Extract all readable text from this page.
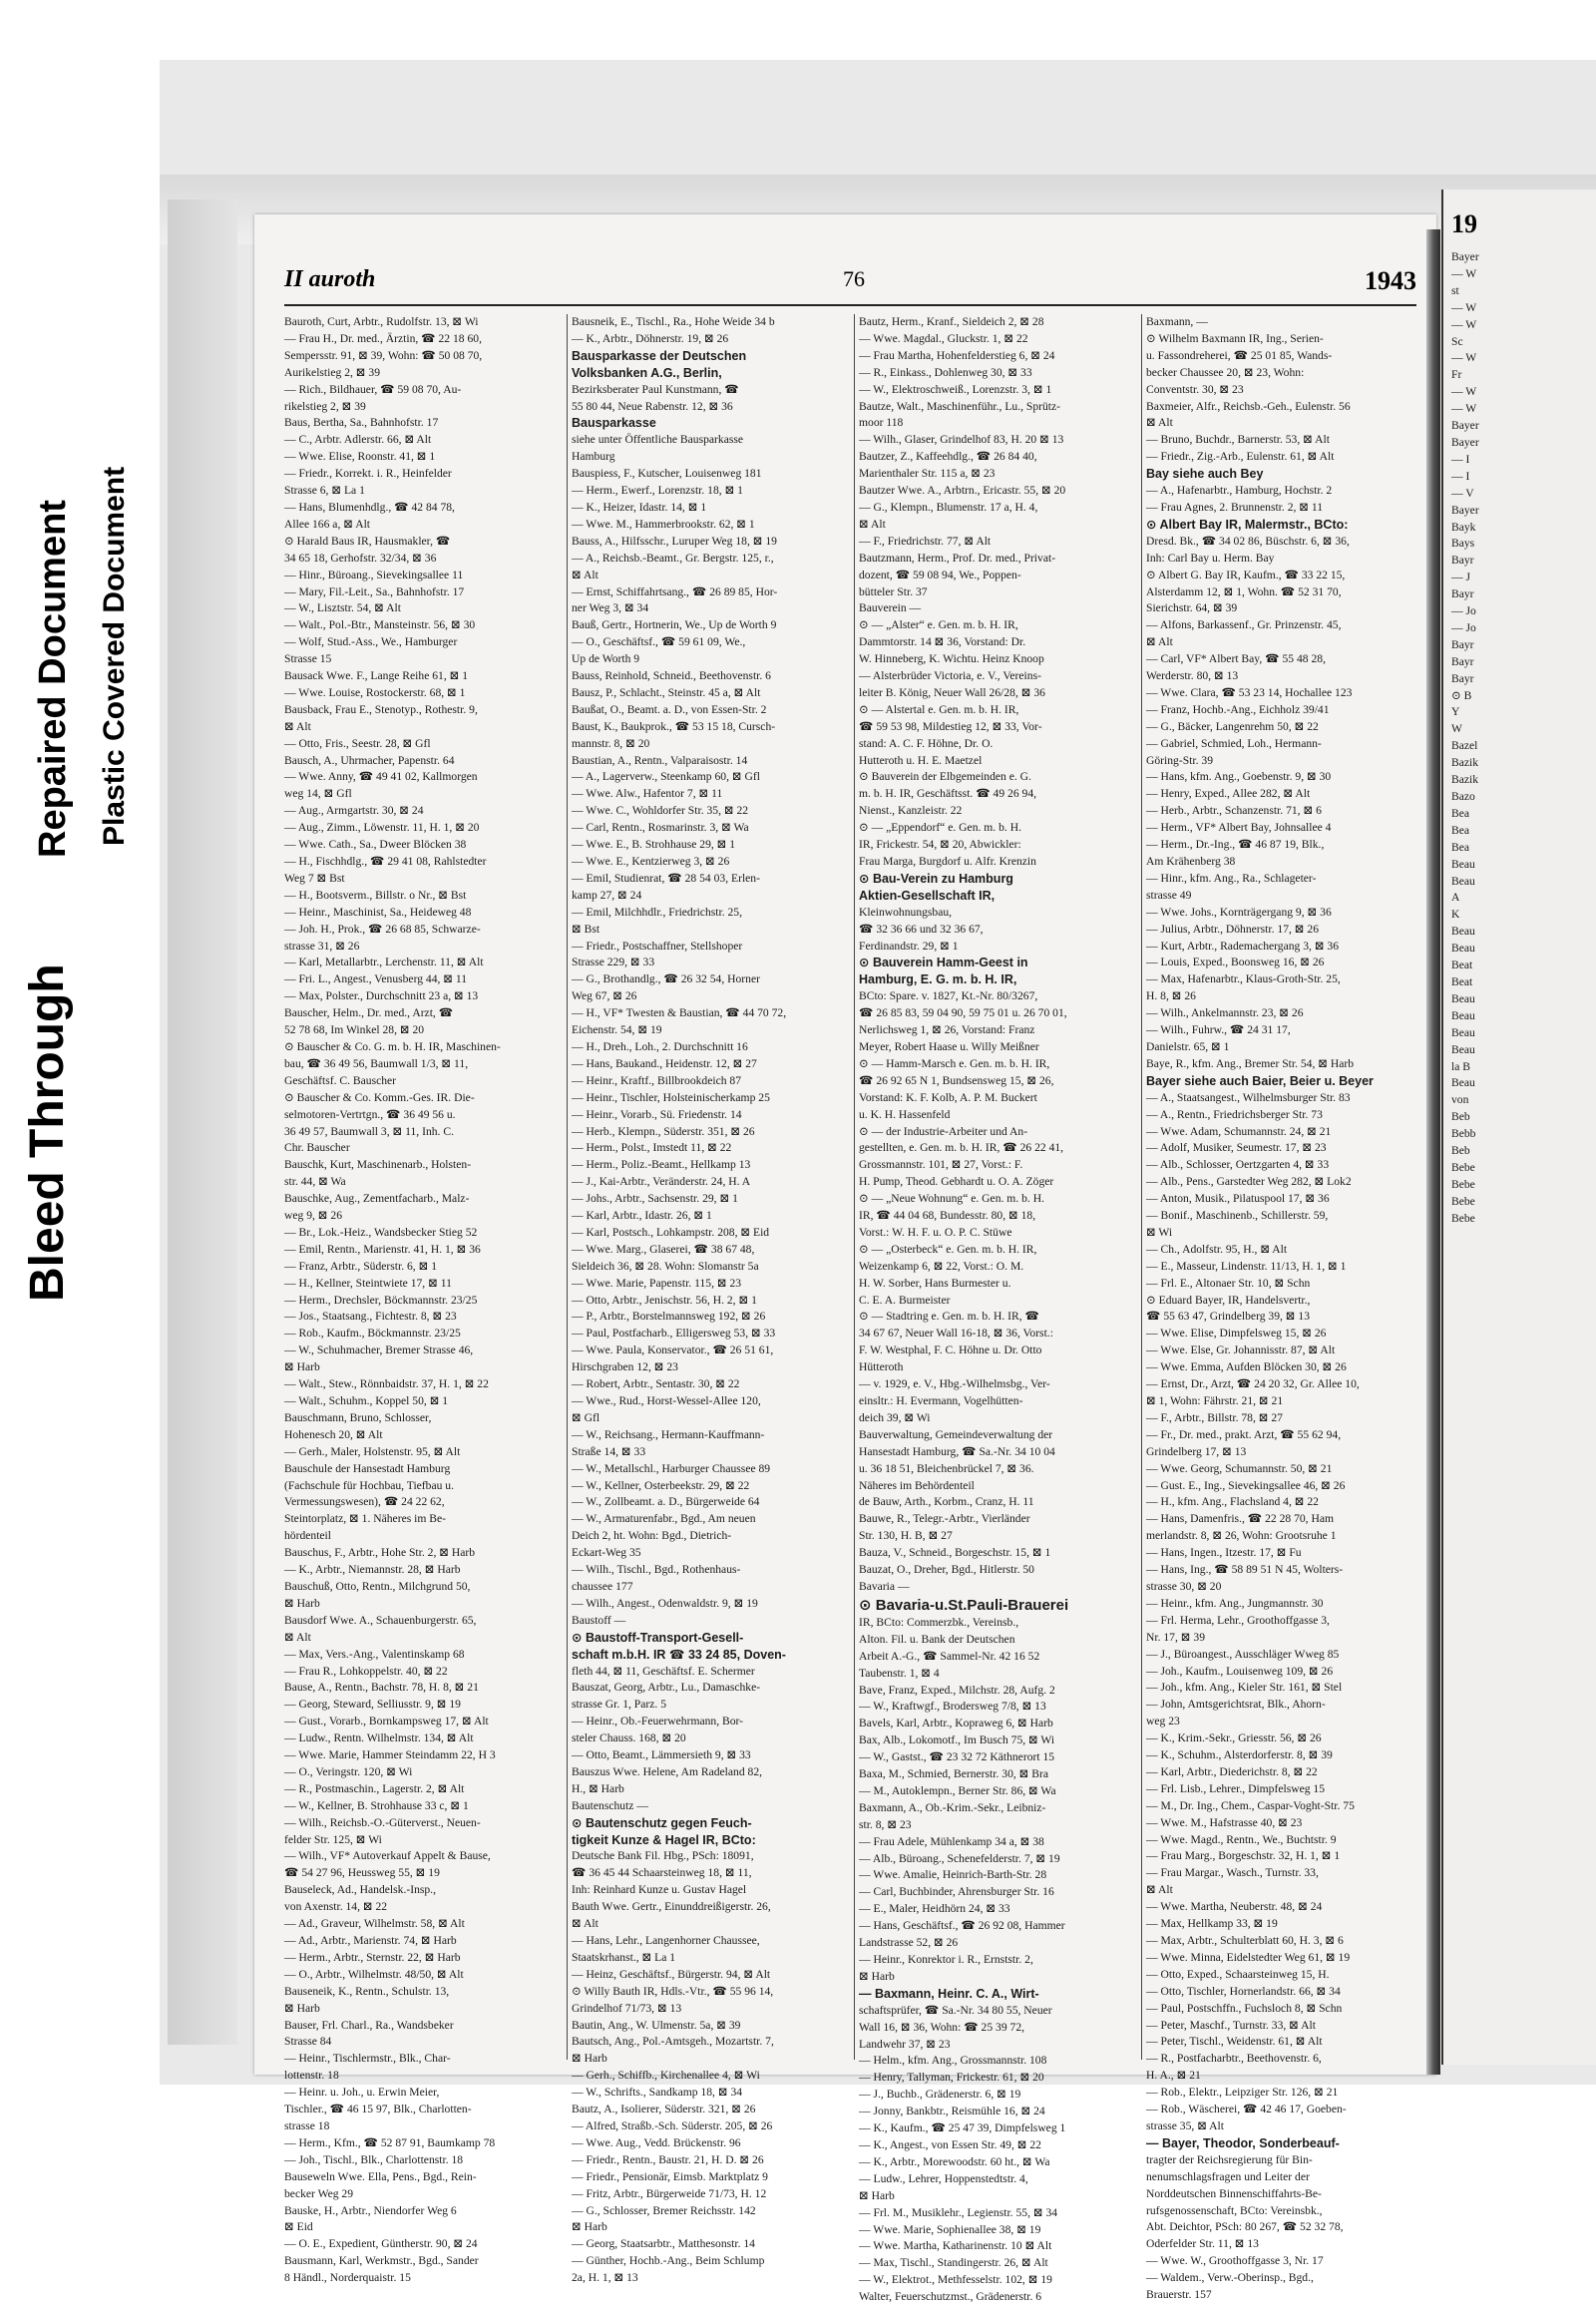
Bleed Through
Repaired Document Plastic Covered Document
II auroth	76	1943

Bauroth, Curt, Arbtr., Rudolfstr. 13, ⊠ Wi

— Frau H., Dr. med., Ärztin, ☎ 22 18 60,

Sempersstr. 91, ⊠ 39, Wohn: ☎ 50 08 70,

Aurikelstieg 2, ⊠ 39

— Rich., Bildhauer, ☎ 59 08 70, Au-

rikelstieg 2, ⊠ 39

Baus, Bertha, Sa., Bahnhofstr. 17

— C., Arbtr. Adlerstr. 66, ⊠ Alt

— Wwe. Elise, Roonstr. 41, ⊠ 1

— Friedr., Korrekt. i. R., Heinfelder

Strasse 6, ⊠ La 1

— Hans, Blumenhdlg., ☎ 42 84 78,

Allee 166 a, ⊠ Alt

⊙ Harald Baus IR, Hausmakler, ☎

34 65 18, Gerhofstr. 32/34, ⊠ 36

— Hinr., Büroang., Sievekingsallee 11

— Mary, Fil.-Leit., Sa., Bahnhofstr. 17

— W., Lisztstr. 54, ⊠ Alt

— Walt., Pol.-Btr., Mansteinstr. 56, ⊠ 30

— Wolf, Stud.-Ass., We., Hamburger

Strasse 15

Bausack Wwe. F., Lange Reihe 61, ⊠ 1

— Wwe. Louise, Rostockerstr. 68, ⊠ 1

Bausback, Frau E., Stenotyp., Rothestr. 9,

⊠ Alt

— Otto, Fris., Seestr. 28, ⊠ Gfl

Bausch, A., Uhrmacher, Papenstr. 64

— Wwe. Anny, ☎ 49 41 02, Kallmorgen

weg 14, ⊠ Gfl

— Aug., Armgartstr. 30, ⊠ 24

— Aug., Zimm., Löwenstr. 11, H. 1, ⊠ 20

— Wwe. Cath., Sa., Dweer Blöcken 38

— H., Fischhdlg., ☎ 29 41 08, Rahlstedter

Weg 7 ⊠ Bst

— H., Bootsverm., Billstr. o Nr., ⊠ Bst

— Heinr., Maschinist, Sa., Heideweg 48

— Joh. H., Prok., ☎ 26 68 85, Schwarze-

strasse 31, ⊠ 26

— Karl, Metallarbtr., Lerchenstr. 11, ⊠ Alt

— Fri. L., Angest., Venusberg 44, ⊠ 11

— Max, Polster., Durchschnitt 23 a, ⊠ 13

Bauscher, Helm., Dr. med., Arzt, ☎

52 78 68, Im Winkel 28, ⊠ 20

⊙ Bauscher & Co. G. m. b. H. IR, Maschinen-

bau, ☎ 36 49 56, Baumwall 1/3, ⊠ 11,

Geschäftsf. C. Bauscher

⊙ Bauscher & Co. Komm.-Ges. IR. Die-

selmotoren-Vertrtgn., ☎ 36 49 56 u.

36 49 57, Baumwall 3, ⊠ 11, Inh. C.

Chr. Bauscher

Bauschk, Kurt, Maschinenarb., Holsten-

str. 44, ⊠ Wa

Bauschke, Aug., Zementfacharb., Malz-

weg 9, ⊠ 26

— Br., Lok.-Heiz., Wandsbecker Stieg 52

— Emil, Rentn., Marienstr. 41, H. 1, ⊠ 36

— Franz, Arbtr., Süderstr. 6, ⊠ 1

— H., Kellner, Steintwiete 17, ⊠ 11

— Herm., Drechsler, Böckmannstr. 23/25

— Jos., Staatsang., Fichtestr. 8, ⊠ 23

— Rob., Kaufm., Böckmannstr. 23/25

— W., Schuhmacher, Bremer Strasse 46,

⊠ Harb

— Walt., Stew., Rönnbaidstr. 37, H. 1, ⊠ 22

— Walt., Schuhm., Koppel 50, ⊠ 1

Bauschmann, Bruno, Schlosser,

Hohenesch 20, ⊠ Alt

— Gerh., Maler, Holstenstr. 95, ⊠ Alt

Bauschule der Hansestadt Hamburg

(Fachschule für Hochbau, Tiefbau u.

Vermessungswesen), ☎ 24 22 62,

Steintorplatz, ⊠ 1. Näheres im Be-

hördenteil

Bauschus, F., Arbtr., Hohe Str. 2, ⊠ Harb

— K., Arbtr., Niemannstr. 28, ⊠ Harb

Bauschuß, Otto, Rentn., Milchgrund 50,

⊠ Harb

Bausdorf Wwe. A., Schauenburgerstr. 65,

⊠ Alt

— Max, Vers.-Ang., Valentinskamp 68

— Frau R., Lohkoppelstr. 40, ⊠ 22

Bause, A., Rentn., Bachstr. 78, H. 8, ⊠ 21

— Georg, Steward, Selliusstr. 9, ⊠ 19

— Gust., Vorarb., Bornkampsweg 17, ⊠ Alt

— Ludw., Rentn. Wilhelmstr. 134, ⊠ Alt

— Wwe. Marie, Hammer Steindamm 22, H 3

— O., Veringstr. 120, ⊠ Wi

— R., Postmaschin., Lagerstr. 2, ⊠ Alt

— W., Kellner, B. Strohhause 33 c, ⊠ 1

— Wilh., Reichsb.-O.-Güterverst., Neuen-

felder Str. 125, ⊠ Wi

— Wilh., VF* Autoverkauf Appelt & Bause,

☎ 54 27 96, Heussweg 55, ⊠ 19

Bauseleck, Ad., Handelsk.-Insp.,

von Axenstr. 14, ⊠ 22

— Ad., Graveur, Wilhelmstr. 58, ⊠ Alt

— Ad., Arbtr., Marienstr. 74, ⊠ Harb

— Herm., Arbtr., Sternstr. 22, ⊠ Harb

— O., Arbtr., Wilhelmstr. 48/50, ⊠ Alt

Bauseneik, K., Rentn., Schulstr. 13,

⊠ Harb

Bauser, Frl. Charl., Ra., Wandsbeker

Strasse 84

— Heinr., Tischlermstr., Blk., Char-

lottenstr. 18

— Heinr. u. Joh., u. Erwin Meier,

Tischler., ☎ 46 15 97, Blk., Charlotten-

strasse 18

— Herm., Kfm., ☎ 52 87 91, Baumkamp 78

— Joh., Tischl., Blk., Charlottenstr. 18

Bauseweln Wwe. Ella, Pens., Bgd., Rein-

becker Weg 29

Bauske, H., Arbtr., Niendorfer Weg 6

⊠ Eid

— O. E., Expedient, Güntherstr. 90, ⊠ 24

Bausmann, Karl, Werkmstr., Bgd., Sander

8 Händl., Norderquaistr. 15

Bausneik, E., Tischl., Ra., Hohe Weide 34 b

— K., Arbtr., Döhnerstr. 19, ⊠ 26

Bausparkasse der Deutschen

Volksbanken A.G., Berlin,

Bezirksberater Paul Kunstmann, ☎

55 80 44, Neue Rabenstr. 12, ⊠ 36

Bausparkasse

siehe unter Öffentliche Bausparkasse

Hamburg

Bauspiess, F., Kutscher, Louisenweg 181

— Herm., Ewerf., Lorenzstr. 18, ⊠ 1

— K., Heizer, Idastr. 14, ⊠ 1

— Wwe. M., Hammerbrookstr. 62, ⊠ 1

Bauss, A., Hilfsschr., Luruper Weg 18, ⊠ 19

— A., Reichsb.-Beamt., Gr. Bergstr. 125, r.,

⊠ Alt

— Ernst, Schiffahrtsang., ☎ 26 89 85, Hor-

ner Weg 3, ⊠ 34

Bauß, Gertr., Hortnerin, We., Up de Worth 9

— O., Geschäftsf., ☎ 59 61 09, We.,

Up de Worth 9

Bauss, Reinhold, Schneid., Beethovenstr. 6

Bausz, P., Schlacht., Steinstr. 45 a, ⊠ Alt

Baußat, O., Beamt. a. D., von Essen-Str. 2

Baust, K., Baukprok., ☎ 53 15 18, Cursch-

mannstr. 8, ⊠ 20

Baustian, A., Rentn., Valparaisostr. 14

— A., Lagerverw., Steenkamp 60, ⊠ Gfl

— Wwe. Alw., Hafentor 7, ⊠ 11

— Wwe. C., Wohldorfer Str. 35, ⊠ 22

— Carl, Rentn., Rosmarinstr. 3, ⊠ Wa

— Wwe. E., B. Strohhause 29, ⊠ 1

— Wwe. E., Kentzierweg 3, ⊠ 26

— Emil, Studienrat, ☎ 28 54 03, Erlen-

kamp 27, ⊠ 24

— Emil, Milchhdlr., Friedrichstr. 25,

⊠ Bst

— Friedr., Postschaffner, Stellshoper

Strasse 229, ⊠ 33

— G., Brothandlg., ☎ 26 32 54, Horner

Weg 67, ⊠ 26

— H., VF* Twesten & Baustian, ☎ 44 70 72,

Eichenstr. 54, ⊠ 19

— H., Dreh., Loh., 2. Durchschnitt 16

— Hans, Baukand., Heidenstr. 12, ⊠ 27

— Heinr., Kraftf., Billbrookdeich 87

— Heinr., Tischler, Holsteinischerkamp 25

— Heinr., Vorarb., Sü. Friedenstr. 14

— Herb., Klempn., Süderstr. 351, ⊠ 26

— Herm., Polst., Imstedt 11, ⊠ 22

— Herm., Poliz.-Beamt., Hellkamp 13

— J., Kai-Arbtr., Veränderstr. 24, H. A

— Johs., Arbtr., Sachsenstr. 29, ⊠ 1

— Karl, Arbtr., Idastr. 26, ⊠ 1

— Karl, Postsch., Lohkampstr. 208, ⊠ Eid

— Wwe. Marg., Glaserei, ☎ 38 67 48,

Sieldeich 36, ⊠ 28. Wohn: Slomanstr 5a

— Wwe. Marie, Papenstr. 115, ⊠ 23

— Otto, Arbtr., Jenischstr. 56, H. 2, ⊠ 1

— P., Arbtr., Borstelmannsweg 192, ⊠ 26

— Paul, Postfacharb., Elligersweg 53, ⊠ 33

— Wwe. Paula, Konservator., ☎ 26 51 61,

Hirschgraben 12, ⊠ 23

— Robert, Arbtr., Sentastr. 30, ⊠ 22

— Wwe., Rud., Horst-Wessel-Allee 120,

⊠ Gfl

— W., Reichsang., Hermann-Kauffmann-

Straße 14, ⊠ 33

— W., Metallschl., Harburger Chaussee 89

— W., Kellner, Osterbeekstr. 29, ⊠ 22

— W., Zollbeamt. a. D., Bürgerweide 64

— W., Armaturenfabr., Bgd., Am neuen

Deich 2, ht. Wohn: Bgd., Dietrich-

Eckart-Weg 35

— Wilh., Tischl., Bgd., Rothenhaus-

chaussee 177

— Wilh., Angest., Odenwaldstr. 9, ⊠ 19

Baustoff —

⊙ Baustoff-Transport-Gesell-

schaft m.b.H. IR ☎ 33 24 85, Doven-

fleth 44, ⊠ 11, Geschäftsf. E. Schermer

Bauszat, Georg, Arbtr., Lu., Damaschke-

strasse Gr. 1, Parz. 5

— Heinr., Ob.-Feuerwehrmann, Bor-

steler Chauss. 168, ⊠ 20

— Otto, Beamt., Lämmersieth 9, ⊠ 33

Bauszus Wwe. Helene, Am Radeland 82,

H., ⊠ Harb

Bautenschutz —

⊙ Bautenschutz gegen Feuch-

tigkeit Kunze & Hagel IR, BCto:

Deutsche Bank Fil. Hbg., PSch: 18091,

☎ 36 45 44 Schaarsteinweg 18, ⊠ 11,

Inh: Reinhard Kunze u. Gustav Hagel

Bauth Wwe. Gertr., Einunddreißigerstr. 26,

⊠ Alt

— Hans, Lehr., Langenhorner Chaussee,

Staatskrhanst., ⊠ La 1

— Heinz, Geschäftsf., Bürgerstr. 94, ⊠ Alt

⊙ Willy Bauth IR, Hdls.-Vtr., ☎ 55 96 14,

Grindelhof 71/73, ⊠ 13

Bautin, Ang., W. Ulmenstr. 5a, ⊠ 39

Bautsch, Ang., Pol.-Amtsgeh., Mozartstr. 7,

⊠ Harb

— Gerh., Schiffb., Kirchenallee 4, ⊠ Wi

— W., Schrifts., Sandkamp 18, ⊠ 34

Bautz, A., Isolierer, Süderstr. 321, ⊠ 26

— Alfred, Straßb.-Sch. Süderstr. 205, ⊠ 26

— Wwe. Aug., Vedd. Brückenstr. 96

— Friedr., Rentn., Baustr. 21, H. D. ⊠ 26

— Friedr., Pensionär, Eimsb. Marktplatz 9

— Fritz, Arbtr., Bürgerweide 71/73, H. 12

— G., Schlosser, Bremer Reichsstr. 142

⊠ Harb

— Georg, Staatsarbtr., Matthesonstr. 14

— Günther, Hochb.-Ang., Beim Schlump

2a, H. 1, ⊠ 13

Bautz, Herm., Kranf., Sieldeich 2, ⊠ 28

— Wwe. Magdal., Gluckstr. 1, ⊠ 22

— Frau Martha, Hohenfelderstieg 6, ⊠ 24

— R., Einkass., Dohlenweg 30, ⊠ 33

— W., Elektroschweiß., Lorenzstr. 3, ⊠ 1

Bautze, Walt., Maschinenführ., Lu., Sprütz-

moor 118

— Wilh., Glaser, Grindelhof 83, H. 20 ⊠ 13

Bautzer, Z., Kaffeehdlg., ☎ 26 84 40,

Marienthaler Str. 115 a, ⊠ 23

Bautzer Wwe. A., Arbtrn., Ericastr. 55, ⊠ 20

— G., Klempn., Blumenstr. 17 a, H. 4,

⊠ Alt

— F., Friedrichstr. 77, ⊠ Alt

Bautzmann, Herm., Prof. Dr. med., Privat-

dozent, ☎ 59 08 94, We., Poppen-

bütteler Str. 37

Bauverein —

⊙ — „Alster“ e. Gen. m. b. H. IR,

Dammtorstr. 14 ⊠ 36, Vorstand: Dr.

W. Hinneberg, K. Wichtu. Heinz Knoop

— Alsterbrüder Victoria, e. V., Vereins-

leiter B. König, Neuer Wall 26/28, ⊠ 36

⊙ — Alstertal e. Gen. m. b. H. IR,

☎ 59 53 98, Mildestieg 12, ⊠ 33, Vor-

stand: A. C. F. Höhne, Dr. O.

Hutteroth u. H. E. Maetzel

⊙ Bauverein der Elbgemeinden e. G.

m. b. H. IR, Geschäftsst. ☎ 49 26 94,

Nienst., Kanzleistr. 22

⊙ — „Eppendorf“ e. Gen. m. b. H.

IR, Frickestr. 54, ⊠ 20, Abwickler:

Frau Marga, Burgdorf u. Alfr. Krenzin

⊙ Bau-Verein zu Hamburg

Aktien-Gesellschaft IR,

Kleinwohnungsbau,

☎ 32 36 66 und 32 36 67,

Ferdinandstr. 29, ⊠ 1

⊙ Bauverein Hamm-Geest in

Hamburg, E. G. m. b. H. IR,

BCto: Spare. v. 1827, Kt.-Nr. 80/3267,

☎ 26 85 83, 59 04 90, 59 75 01 u. 26 70 01,

Nerlichsweg 1, ⊠ 26, Vorstand: Franz

Meyer, Robert Haase u. Willy Meißner

⊙ — Hamm-Marsch e. Gen. m. b. H. IR,

☎ 26 92 65 N 1, Bundsensweg 15, ⊠ 26,

Vorstand: K. F. Kolb, A. P. M. Buckert

u. K. H. Hassenfeld

⊙ — der Industrie-Arbeiter und An-

gestellten, e. Gen. m. b. H. IR, ☎ 26 22 41,

Grossmannstr. 101, ⊠ 27, Vorst.: F.

H. Pump, Theod. Gebhardt u. O. A. Zöger

⊙ — „Neue Wohnung“ e. Gen. m. b. H.

IR, ☎ 44 04 68, Bundesstr. 80, ⊠ 18,

Vorst.: W. H. F. u. O. P. C. Stüwe

⊙ — „Osterbeck“ e. Gen. m. b. H. IR,

Weizenkamp 6, ⊠ 22, Vorst.: O. M.

H. W. Sorber, Hans Burmester u.

C. E. A. Burmeister

⊙ — Stadtring e. Gen. m. b. H. IR, ☎

34 67 67, Neuer Wall 16-18, ⊠ 36, Vorst.:

F. W. Westphal, F. C. Höhne u. Dr. Otto

Hütteroth

— v. 1929, e. V., Hbg.-Wilhelmsbg., Ver-

einsltr.: H. Evermann, Vogelhütten-

deich 39, ⊠ Wi

Bauverwaltung, Gemeindeverwaltung der

Hansestadt Hamburg, ☎ Sa.-Nr. 34 10 04

u. 36 18 51, Bleichenbrückel 7, ⊠ 36.

Näheres im Behördenteil

de Bauw, Arth., Korbm., Cranz, H. 11

Bauwe, R., Telegr.-Arbtr., Vierländer

Str. 130, H. B, ⊠ 27

Bauza, V., Schneid., Borgeschstr. 15, ⊠ 1

Bauzat, O., Dreher, Bgd., Hitlerstr. 50

Bavaria —

⊙ Bavaria-u.St.Pauli-Brauerei

IR, BCto: Commerzbk., Vereinsb.,

Alton. Fil. u. Bank der Deutschen

Arbeit A.-G., ☎ Sammel-Nr. 42 16 52

Taubenstr. 1, ⊠ 4

Bave, Franz, Exped., Milchstr. 28, Aufg. 2

— W., Kraftwgf., Brodersweg 7/8, ⊠ 13

Bavels, Karl, Arbtr., Kopraweg 6, ⊠ Harb

Bax, Alb., Lokomotf., Im Busch 75, ⊠ Wi

— W., Gastst., ☎ 23 32 72 Käthnerort 15

Baxa, M., Schmied, Bernerstr. 30, ⊠ Bra

— M., Autoklempn., Berner Str. 86, ⊠ Wa

Baxmann, A., Ob.-Krim.-Sekr., Leibniz-

str. 8, ⊠ 23

— Frau Adele, Mühlenkamp 34 a, ⊠ 38

— Alb., Büroang., Schenefelderstr. 7, ⊠ 19

— Wwe. Amalie, Heinrich-Barth-Str. 28

— Carl, Buchbinder, Ahrensburger Str. 16

— E., Maler, Heidhörn 24, ⊠ 33

— Hans, Geschäftsf., ☎ 26 92 08, Hammer

Landstrasse 52, ⊠ 26

— Heinr., Konrektor i. R., Ernststr. 2,

⊠ Harb

— Baxmann, Heinr. C. A., Wirt-

schaftsprüfer, ☎ Sa.-Nr. 34 80 55, Neuer

Wall 16, ⊠ 36, Wohn: ☎ 25 39 72,

Landwehr 37, ⊠ 23

— Helm., kfm. Ang., Grossmannstr. 108

— Henry, Tallyman, Frickestr. 61, ⊠ 20

— J., Buchb., Grädenerstr. 6, ⊠ 19

— Jonny, Bankbtr., Reismühle 16, ⊠ 24

— K., Kaufm., ☎ 25 47 39, Dimpfelsweg 1

— K., Angest., von Essen Str. 49, ⊠ 22

— K., Arbtr., Morewoodstr. 60 ht., ⊠ Wa

— Ludw., Lehrer, Hoppenstedtstr. 4,

⊠ Harb

— Frl. M., Musiklehr., Legienstr. 55, ⊠ 34

— Wwe. Marie, Sophienallee 38, ⊠ 19

— Wwe. Martha, Katharinenstr. 10 ⊠ Alt

— Max, Tischl., Standingerstr. 26, ⊠ Alt

— W., Elektrot., Methfesselstr. 102, ⊠ 19

Walter, Feuerschutzmst., Grädenerstr. 6

Baxmann, —

⊙ Wilhelm Baxmann IR, Ing., Serien-

u. Fassondreherei, ☎ 25 01 85, Wands-

becker Chaussee 20, ⊠ 23, Wohn:

Conventstr. 30, ⊠ 23

Baxmeier, Alfr., Reichsb.-Geh., Eulenstr. 56

⊠ Alt

— Bruno, Buchdr., Barnerstr. 53, ⊠ Alt

— Friedr., Zig.-Arb., Eulenstr. 61, ⊠ Alt

Bay siehe auch Bey

— A., Hafenarbtr., Hamburg, Hochstr. 2

— Frau Agnes, 2. Brunnenstr. 2, ⊠ 11

⊙ Albert Bay IR, Malermstr., BCto:

Dresd. Bk., ☎ 34 02 86, Büschstr. 6, ⊠ 36,

Inh: Carl Bay u. Herm. Bay

⊙ Albert G. Bay IR, Kaufm., ☎ 33 22 15,

Alsterdamm 12, ⊠ 1, Wohn. ☎ 52 31 70,

Sierichstr. 64, ⊠ 39

— Alfons, Barkassenf., Gr. Prinzenstr. 45,

⊠ Alt

— Carl, VF* Albert Bay, ☎ 55 48 28,

Werderstr. 80, ⊠ 13

— Wwe. Clara, ☎ 53 23 14, Hochallee 123

— Franz, Hochb.-Ang., Eichholz 39/41

— G., Bäcker, Langenrehm 50, ⊠ 22

— Gabriel, Schmied, Loh., Hermann-

Göring-Str. 39

— Hans, kfm. Ang., Goebenstr. 9, ⊠ 30

— Henry, Exped., Allee 282, ⊠ Alt

— Herb., Arbtr., Schanzenstr. 71, ⊠ 6

— Herm., VF* Albert Bay, Johnsallee 4

— Herm., Dr.-Ing., ☎ 46 87 19, Blk.,

Am Krähenberg 38

— Hinr., kfm. Ang., Ra., Schlageter-

strasse 49

— Wwe. Johs., Kornträgergang 9, ⊠ 36

— Julius, Arbtr., Döhnerstr. 17, ⊠ 26

— Kurt, Arbtr., Rademachergang 3, ⊠ 36

— Louis, Exped., Boonsweg 16, ⊠ 26

— Max, Hafenarbtr., Klaus-Groth-Str. 25,

H. 8, ⊠ 26

— Wilh., Ankelmannstr. 23, ⊠ 26

— Wilh., Fuhrw., ☎ 24 31 17,

Danielstr. 65, ⊠ 1

Baye, R., kfm. Ang., Bremer Str. 54, ⊠ Harb

Bayer siehe auch Baier, Beier u. Beyer

— A., Staatsangest., Wilhelmsburger Str. 83

— A., Rentn., Friedrichsberger Str. 73

— Wwe. Adam, Schumannstr. 24, ⊠ 21

— Adolf, Musiker, Seumestr. 17, ⊠ 23

— Alb., Schlosser, Oertzgarten 4, ⊠ 33

— Alb., Pens., Garstedter Weg 282, ⊠ Lok2

— Anton, Musik., Pilatuspool 17, ⊠ 36

— Bonif., Maschinenb., Schillerstr. 59,

⊠ Wi

— Ch., Adolfstr. 95, H., ⊠ Alt

— E., Masseur, Lindenstr. 11/13, H. 1, ⊠ 1

— Frl. E., Altonaer Str. 10, ⊠ Schn

⊙ Eduard Bayer, IR, Handelsvertr.,

☎ 55 63 47, Grindelberg 39, ⊠ 13

— Wwe. Elise, Dimpfelsweg 15, ⊠ 26

— Wwe. Else, Gr. Johannisstr. 87, ⊠ Alt

— Wwe. Emma, Aufden Blöcken 30, ⊠ 26

— Ernst, Dr., Arzt, ☎ 24 20 32, Gr. Allee 10,

⊠ 1, Wohn: Fährstr. 21, ⊠ 21

— F., Arbtr., Billstr. 78, ⊠ 27

— Fr., Dr. med., prakt. Arzt, ☎ 55 62 94,

Grindelberg 17, ⊠ 13

— Wwe. Georg, Schumannstr. 50, ⊠ 21

— Gust. E., Ing., Sievekingsallee 46, ⊠ 26

— H., kfm. Ang., Flachsland 4, ⊠ 22

— Hans, Damenfris., ☎ 22 28 70, Ham

merlandstr. 8, ⊠ 26, Wohn: Grootsruhe 1

— Hans, Ingen., Itzestr. 17, ⊠ Fu

— Hans, Ing., ☎ 58 89 51 N 45, Wolters-

strasse 30, ⊠ 20

— Heinr., kfm. Ang., Jungmannstr. 30

— Frl. Herma, Lehr., Groothoffgasse 3,

Nr. 17, ⊠ 39

— J., Büroangest., Ausschläger Wweg 85

— Joh., Kaufm., Louisenweg 109, ⊠ 26

— Joh., kfm. Ang., Kieler Str. 161, ⊠ Stel

— John, Amtsgerichtsrat, Blk., Ahorn-

weg 23

— K., Krim.-Sekr., Griesstr. 56, ⊠ 26

— K., Schuhm., Alsterdorferstr. 8, ⊠ 39

— Karl, Arbtr., Diederichstr. 8, ⊠ 22

— Frl. Lisb., Lehrer., Dimpfelsweg 15

— M., Dr. Ing., Chem., Caspar-Voght-Str. 75

— Wwe. M., Hafstrasse 40, ⊠ 23

— Wwe. Magd., Rentn., We., Buchtstr. 9

— Frau Marg., Borgeschstr. 32, H. 1, ⊠ 1

— Frau Margar., Wasch., Turnstr. 33,

⊠ Alt

— Wwe. Martha, Neuberstr. 48, ⊠ 24

— Max, Hellkamp 33, ⊠ 19

— Max, Arbtr., Schulterblatt 60, H. 3, ⊠ 6

— Wwe. Minna, Eidelstedter Weg 61, ⊠ 19

— Otto, Exped., Schaarsteinweg 15, H.

— Otto, Tischler, Hornerlandstr. 66, ⊠ 34

— Paul, Postschffn., Fuchsloch 8, ⊠ Schn

— Peter, Maschf., Turnstr. 33, ⊠ Alt

— Peter, Tischl., Weidenstr. 61, ⊠ Alt

— R., Postfacharbtr., Beethovenstr. 6,

H. A., ⊠ 21

— Rob., Elektr., Leipziger Str. 126, ⊠ 21

— Rob., Wäscherei, ☎ 42 46 17, Goeben-

strasse 35, ⊠ Alt

— Bayer, Theodor, Sonderbeauf-

tragter der Reichsregierung für Bin-

nenumschlagsfragen und Leiter der

Norddeutschen Binnenschiffahrts-Be-

rufsgenossenschaft, BCto: Vereinsbk.,

Abt. Deichtor, PSch: 80 267, ☎ 52 32 78,

Oderfelder Str. 11, ⊠ 13

— Wwe. W., Groothoffgasse 3, Nr. 17

— Waldem., Verw.-Oberinsp., Bgd.,

Brauerstr. 157

19

Bayer

— W

st

— W

— W

Sc

— W

Fr

— W

— W

Bayer

Bayer

— I

— I

— V

Bayer

Bayk

Bays

Bayr

— J

Bayr

— Jo

— Jo

Bayr

Bayr

Bayr

⊙ B

Y

W

Bazel

Bazik

Bazik

Bazo

Bea

Bea

Bea

Beau

Beau

A

K

Beau

Beau

Beat

Beat

Beau

Beau

Beau

Beau

la B

Beau

von

Beb

Bebb

Beb

Bebe

Bebe

Bebe

Bebe
